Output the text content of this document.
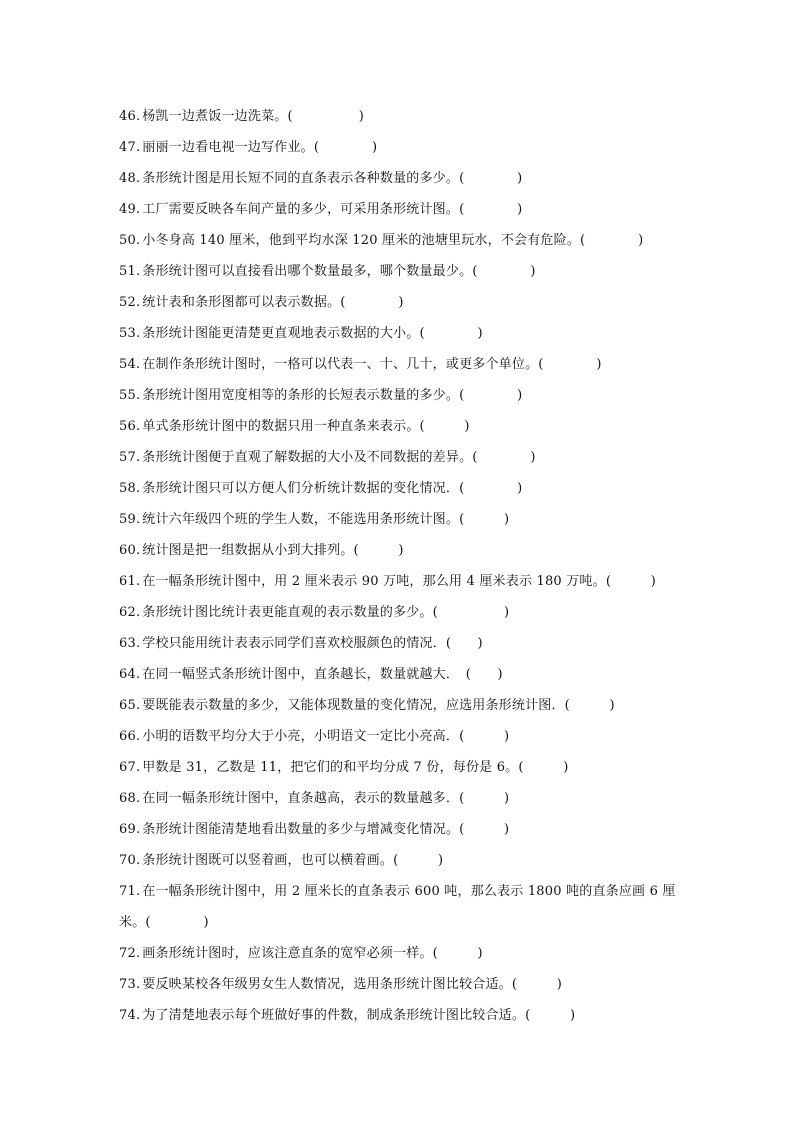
46. 杨凯一边煮饭一边洗菜。(　　　　　)
47. 丽丽一边看电视一边写作业。(　　　　)
48. 条形统计图是用长短不同的直条表示各种数量的多少。(　　　　)
49. 工厂需要反映各车间产量的多少，可采用条形统计图。(　　　　)
50. 小冬身高 140 厘米，他到平均水深 120 厘米的池塘里玩水，不会有危险。(　　　　)
51. 条形统计图可以直接看出哪个数量最多，哪个数量最少。(　　　　)
52. 统计表和条形图都可以表示数据。(　　　　)
53. 条形统计图能更清楚更直观地表示数据的大小。(　　　　)
54. 在制作条形统计图时，一格可以代表一、十、几十，或更多个单位。(　　　　)
55. 条形统计图用宽度相等的条形的长短表示数量的多少。(　　　　)
56. 单式条形统计图中的数据只用一种直条来表示。(　　　)
57. 条形统计图便于直观了解数据的大小及不同数据的差异。(　　　　)
58. 条形统计图只可以方便人们分析统计数据的变化情况．(　　　　)
59. 统计六年级四个班的学生人数，不能选用条形统计图。(　　　)
60. 统计图是把一组数据从小到大排列。(　　　)
61. 在一幅条形统计图中，用 2 厘米表示 90 万吨，那么用 4 厘米表示 180 万吨。(　　　)
62. 条形统计图比统计表更能直观的表示数量的多少。(　　　　　)
63. 学校只能用统计表表示同学们喜欢校服颜色的情况．(　　)
64. 在同一幅竖式条形统计图中，直条越长，数量就越大．　(　　)
65. 要既能表示数量的多少，又能体现数量的变化情况，应选用条形统计图．(　　　)
66. 小明的语数平均分大于小亮，小明语文一定比小亮高．(　　　)
67. 甲数是 31，乙数是 11，把它们的和平均分成 7 份，每份是 6。(　　　)
68. 在同一幅条形统计图中，直条越高，表示的数量越多．(　　　)
69. 条形统计图能清楚地看出数量的多少与增减变化情况。(　　　)
70. 条形统计图既可以竖着画，也可以横着画。(　　　)
71. 在一幅条形统计图中，用 2 厘米长的直条表示 600 吨，那么表示 1800 吨的直条应画 6 厘米。(　　　　)
72. 画条形统计图时，应该注意直条的宽窄必须一样。(　　　)
73. 要反映某校各年级男女生人数情况，选用条形统计图比较合适。(　　　)
74. 为了清楚地表示每个班做好事的件数，制成条形统计图比较合适。(　　　)
